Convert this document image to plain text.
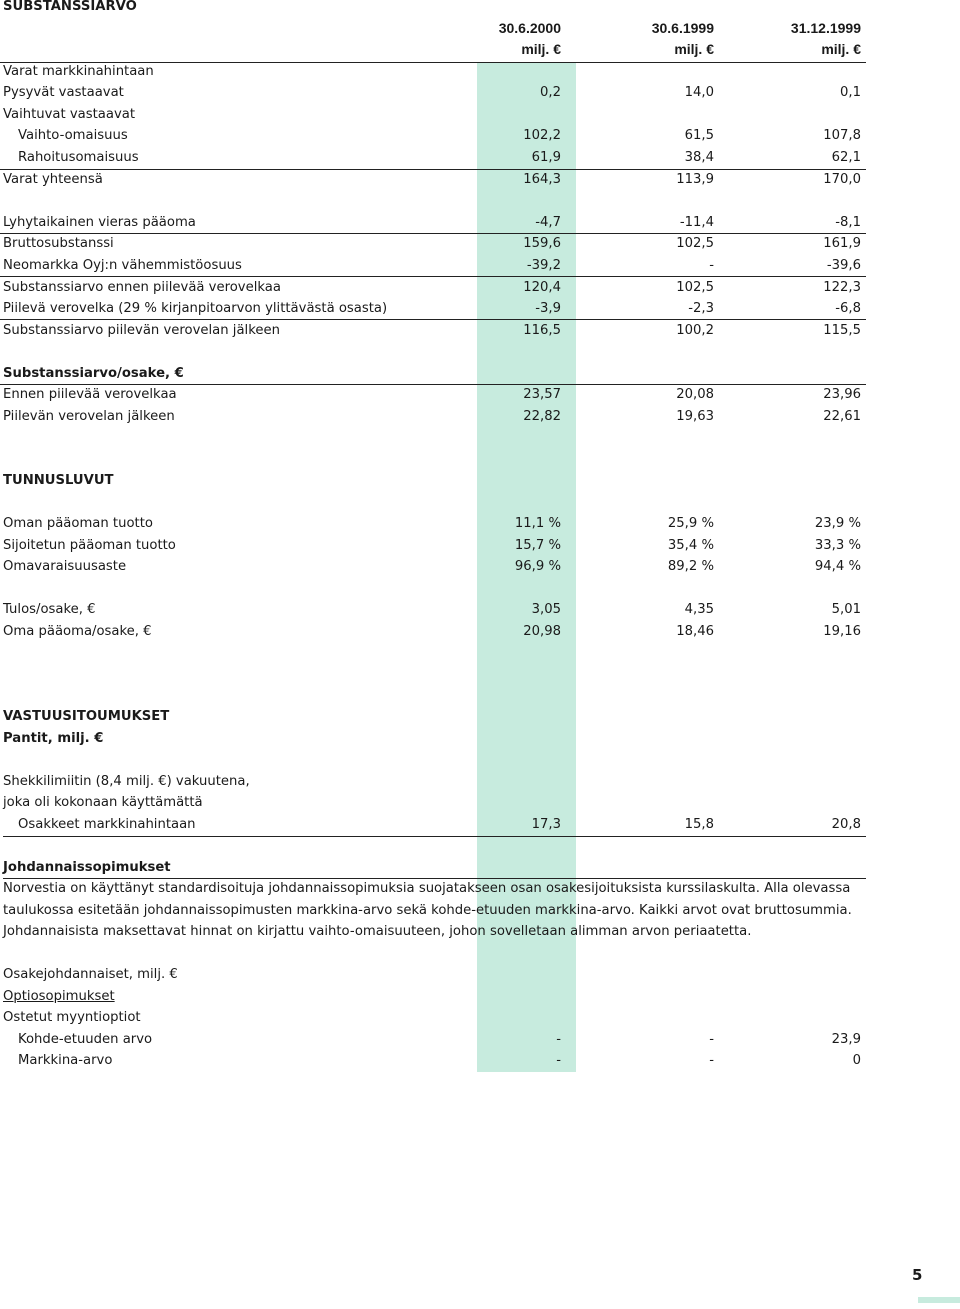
SUBSTANSSIARVO
30.6.2000	30.6.1999	31.12.1999
milj. €	milj. €	milj. €
Varat markkinahintaan
Pysyvät vastaavat	0,2	14,0	0,1
Vaihtuvat vastaavat
Vaihto-omaisuus	102,2	61,5	107,8
Rahoitusomaisuus	61,9	38,4	62,1
Varat yhteensä	164,3	113,9	170,0
Lyhytaikainen vieras pääoma	-4,7	-11,4	-8,1
Bruttosubstanssi	159,6	102,5	161,9
Neomarkka Oyj:n vähemmistöosuus	-39,2	-	-39,6
Substanssiarvo ennen piilevää verovelkaa	120,4	102,5	122,3
Piilevä verovelka (29 % kirjanpitoarvon ylittävästä osasta)	-3,9	-2,3	-6,8
Substanssiarvo piilevän verovelan jälkeen	116,5	100,2	115,5
Substanssiarvo/osake, €
Ennen piilevää verovelkaa	23,57	20,08	23,96
Piilevän verovelan jälkeen	22,82	19,63	22,61
TUNNUSLUVUT
Oman pääoman tuotto	11,1 %	25,9 %	23,9 %
Sijoitetun pääoman tuotto	15,7 %	35,4 %	33,3 %
Omavaraisuusaste	96,9 %	89,2 %	94,4 %
Tulos/osake, €	3,05	4,35	5,01
Oma pääoma/osake, €	20,98	18,46	19,16
VASTUUSITOUMUKSET
Pantit, milj. €
Shekkilimiitin (8,4 milj. €) vakuutena,
joka oli kokonaan käyttämättä
Osakkeet markkinahintaan	17,3	15,8	20,8
Johdannaissopimukset
Norvestia on käyttänyt standardisoituja johdannaissopimuksia suojatakseen osan osakesijoituksista kurssilaskulta. Alla olevassa
taulukossa esitetään johdannaissopimusten markkina-arvo sekä kohde-etuuden markkina-arvo. Kaikki arvot ovat bruttosummia.
Johdannaisista maksettavat hinnat on kirjattu vaihto-omaisuuteen, johon sovelletaan alimman arvon periaatetta.
Osakejohdannaiset, milj. €
Optiosopimukset
Ostetut myyntioptiot
Kohde-etuuden arvo	-	-	23,9
Markkina-arvo	-	-	0
5
